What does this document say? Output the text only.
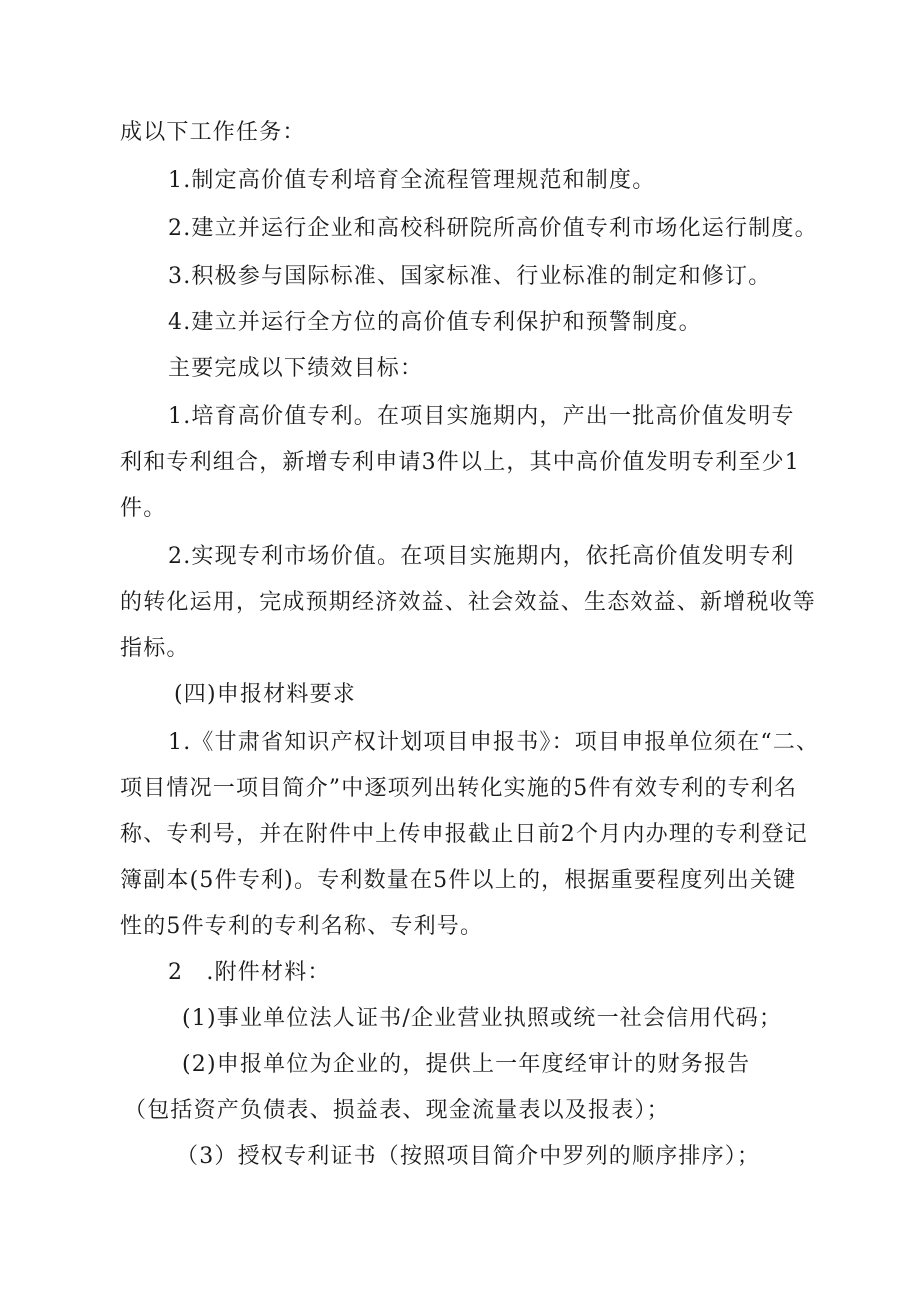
成以下工作任务：
1.制定高价值专利培育全流程管理规范和制度。
2.建立并运行企业和高校科研院所高价值专利市场化运行制度。
3.积极参与国际标准、国家标准、行业标准的制定和修订。
4.建立并运行全方位的高价值专利保护和预警制度。
主要完成以下绩效目标：
1.培育高价值专利。在项目实施期内，产出一批高价值发明专
利和专利组合，新增专利申请3件以上，其中高价值发明专利至少1
件。
2.实现专利市场价值。在项目实施期内，依托高价值发明专利
的转化运用，完成预期经济效益、社会效益、生态效益、新增税收等
指标。
(四)申报材料要求
1.《甘肃省知识产权计划项目申报书》：项目申报单位须在“二、
项目情况一项目简介”中逐项列出转化实施的5件有效专利的专利名
称、专利号，并在附件中上传申报截止日前2个月内办理的专利登记
簿副本(5件专利)。专利数量在5件以上的，根据重要程度列出关键
性的5件专利的专利名称、专利号。
2　.附件材料：
(1)事业单位法人证书/企业营业执照或统一社会信用代码；
(2)申报单位为企业的，提供上一年度经审计的财务报告
（包括资产负债表、损益表、现金流量表以及报表）；
（3）授权专利证书（按照项目简介中罗列的顺序排序）；
